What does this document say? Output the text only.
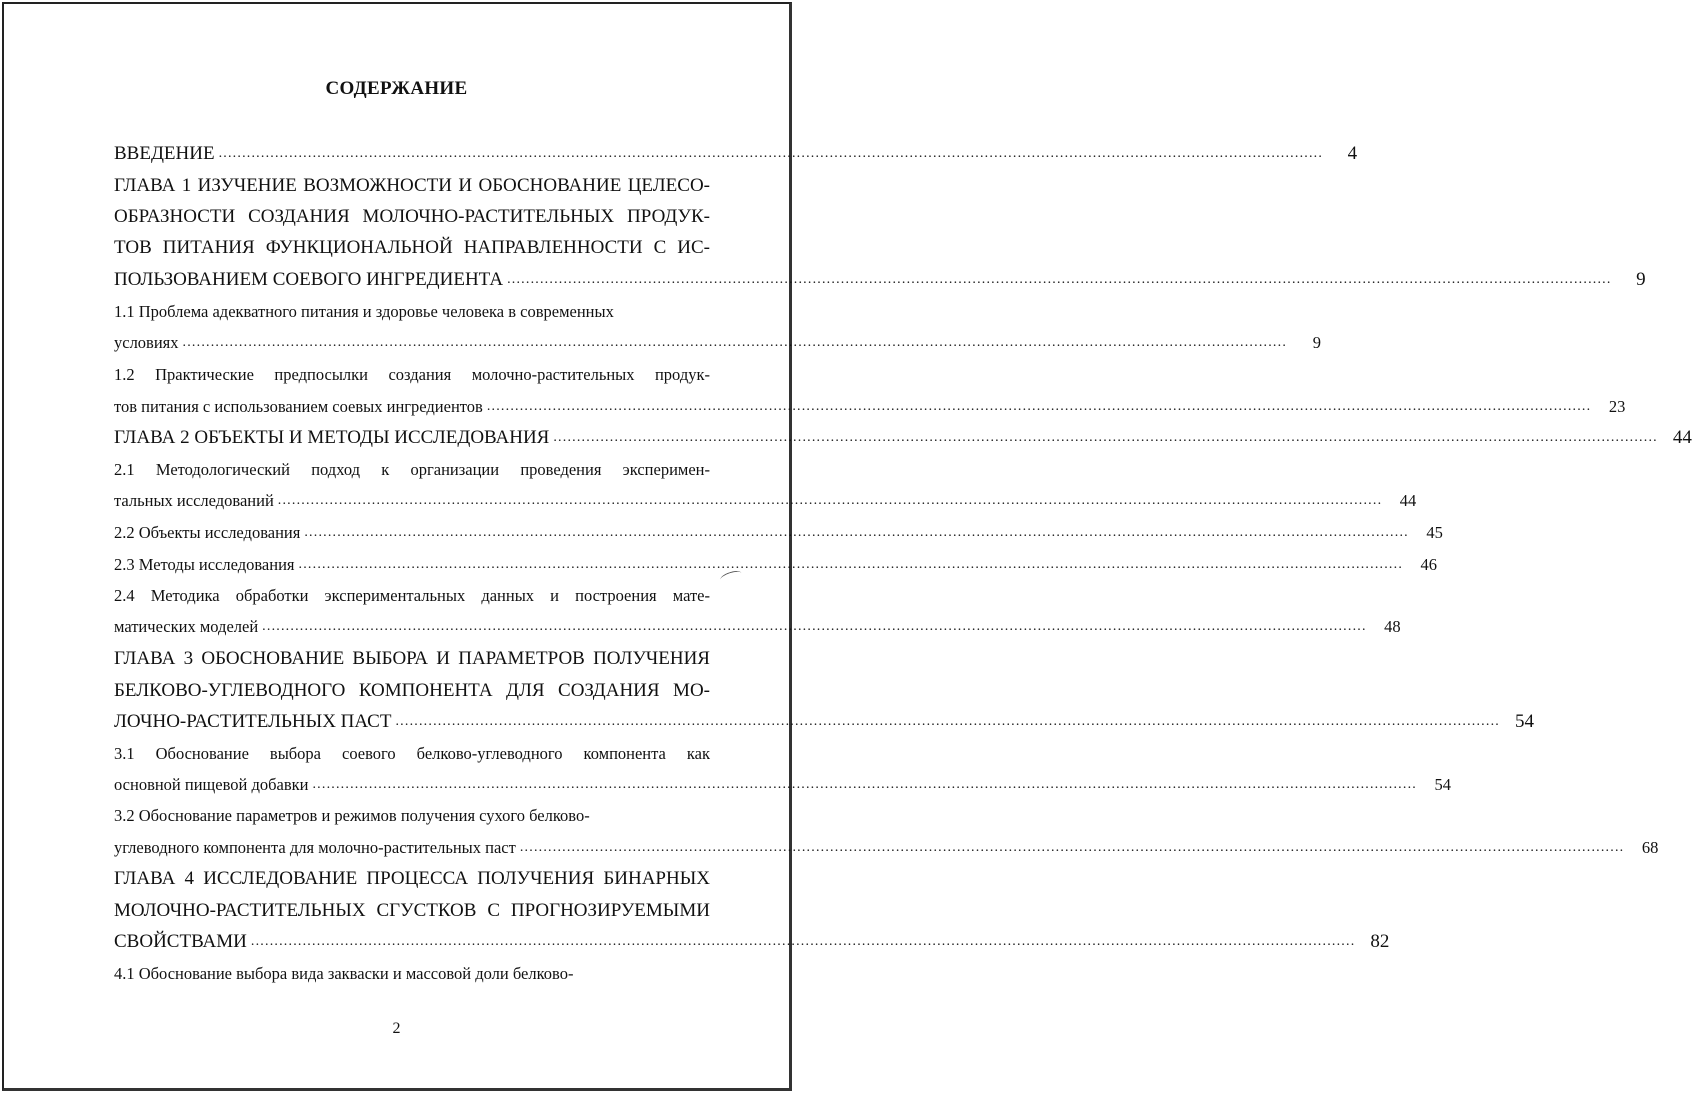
СОДЕРЖАНИЕ
ВВЕДЕНИЕ ...........................................................................................................................................................................................................................................	4
ГЛАВА 1 ИЗУЧЕНИЕ ВОЗМОЖНОСТИ И ОБОСНОВАНИЕ ЦЕЛЕСО-
ОБРАЗНОСТИ СОЗДАНИЯ МОЛОЧНО-РАСТИТЕЛЬНЫХ ПРОДУК-
ТОВ ПИТАНИЯ ФУНКЦИОНАЛЬНОЙ НАПРАВЛЕННОСТИ С ИС-
ПОЛЬЗОВАНИЕМ СОЕВОГО ИНГРЕДИЕНТА ...........................................................................................................................................................................................................................................	9
1.1 Проблема адекватного питания и здоровье человека в современных
условиях ...........................................................................................................................................................................................................................................	9
1.2 Практические предпосылки создания молочно-растительных продук-
тов питания с использованием соевых ингредиентов ...........................................................................................................................................................................................................................................	23
ГЛАВА 2 ОБЪЕКТЫ И МЕТОДЫ ИССЛЕДОВАНИЯ ........................................................................................................................................................................................................................................... 44
2.1 Методологический подход к организации проведения эксперимен-
тальных исследований ...........................................................................................................................................................................................................................................	44
2.2 Объекты исследования ...........................................................................................................................................................................................................................................	45
2.3 Методы исследования ...........................................................................................................................................................................................................................................	46
2.4 Методика обработки экспериментальных данных и построения мате-
матических моделей ...........................................................................................................................................................................................................................................	48
ГЛАВА 3 ОБОСНОВАНИЕ ВЫБОРА И ПАРАМЕТРОВ ПОЛУЧЕНИЯ
БЕЛКОВО-УГЛЕВОДНОГО КОМПОНЕНТА ДЛЯ СОЗДАНИЯ МО-
ЛОЧНО-РАСТИТЕЛЬНЫХ ПАСТ ........................................................................................................................................................................................................................................... 54
3.1 Обоснование выбора соевого белково-углеводного компонента как
основной пищевой добавки ...........................................................................................................................................................................................................................................	54
3.2 Обоснование параметров и режимов получения сухого белково-
углеводного компонента для молочно-растительных паст ...........................................................................................................................................................................................................................................	68
ГЛАВА 4 ИССЛЕДОВАНИЕ ПРОЦЕССА ПОЛУЧЕНИЯ БИНАРНЫХ
МОЛОЧНО-РАСТИТЕЛЬНЫХ СГУСТКОВ С ПРОГНОЗИРУЕМЫМИ
СВОЙСТВАМИ ........................................................................................................................................................................................................................................... 82
4.1 Обоснование выбора вида закваски и массовой доли белково-
2
